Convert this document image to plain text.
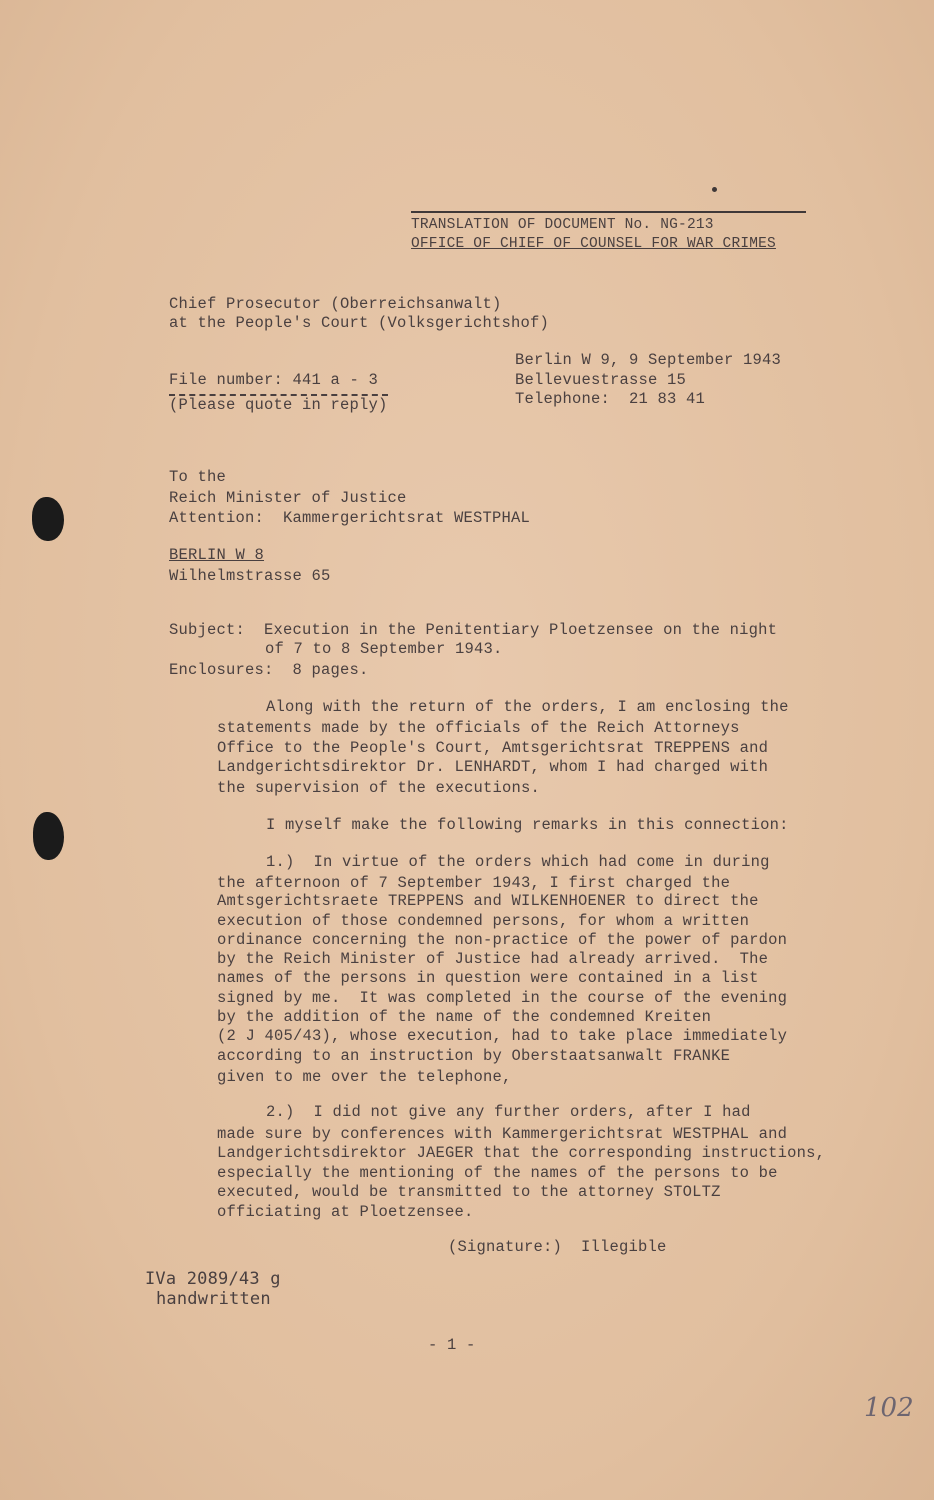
TRANSLATION OF DOCUMENT No. NG-213
OFFICE OF CHIEF OF COUNSEL FOR WAR CRIMES
Chief Prosecutor (Oberreichsanwalt)
at the People's Court (Volksgerichtshof)
Berlin W 9, 9 September 1943
Bellevuestrasse 15
Telephone:  21 83 41
File number: 441 a - 3
(Please quote in reply)
To the
Reich Minister of Justice
Attention:  Kammergerichtsrat WESTPHAL
BERLIN W 8
Wilhelmstrasse 65
Subject:  Execution in the Penitentiary Ploetzensee on the night
of 7 to 8 September 1943.
Enclosures:  8 pages.
Along with the return of the orders, I am enclosing the
statements made by the officials of the Reich Attorneys
Office to the People's Court, Amtsgerichtsrat TREPPENS and
Landgerichtsdirektor Dr. LENHARDT, whom I had charged with
the supervision of the executions.
I myself make the following remarks in this connection:
1.)  In virtue of the orders which had come in during
the afternoon of 7 September 1943, I first charged the
Amtsgerichtsraete TREPPENS and WILKENHOENER to direct the
execution of those condemned persons, for whom a written
ordinance concerning the non-practice of the power of pardon
by the Reich Minister of Justice had already arrived.  The
names of the persons in question were contained in a list
signed by me.  It was completed in the course of the evening
by the addition of the name of the condemned Kreiten
(2 J 405/43), whose execution, had to take place immediately
according to an instruction by Oberstaatsanwalt FRANKE
given to me over the telephone,
2.)  I did not give any further orders, after I had
made sure by conferences with Kammergerichtsrat WESTPHAL and
Landgerichtsdirektor JAEGER that the corresponding instructions,
especially the mentioning of the names of the persons to be
executed, would be transmitted to the attorney STOLTZ
officiating at Ploetzensee.
(Signature:)  Illegible
IVa 2089/43 g
handwritten
- 1 -
102
